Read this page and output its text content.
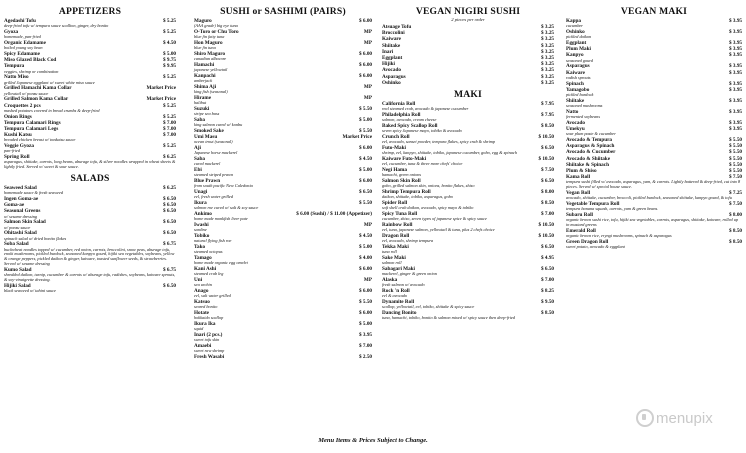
APPETIZERS
Agedashi Tofu	$ 5.25
deep-fried tofu w/ tempura sauce scallion, ginger, dry bonito
Gyoza	$ 5.25
homemade, pan-fried
Organic Edamame	$ 4.50
boiled young soy bean
Spicy Edamame	$ 5.00
Miso Glazed Black Cod	$ 9.75
Tempura	$ 9.95
veggies, shrimp or combination
Natto Miso	$ 5.25
grilled Japanese eggplant w/ sweet white miso sauce
Grilled Hamachi Kama Collar	Market Price
yellowtail w/ ponzu sauce
Grilled Salmon Kama Collar	Market Price
Croquettes 2 pcs	$ 5.25
mashed potatoes covered in bread crumbs & deep-fried
Onion Rings	$ 5.25
Tempura Calamari Rings	$ 7.00
Tempura Calamari Legs	$ 7.00
Kushi Katsu	$ 7.00
breaded chicken breast w/ tonkatsu sauce
Veggie Gyoza	$ 5.25
pan-fried
Spring Roll	$ 6.25
asparagus, shiitake, carrots, long beans, aburage tofu, & silver noodles wrapped in wheat sheets & lightly fried. Served w/ sweet & sour sauce.
SALADS
Seaweed Salad	$ 6.25
homemade sauce & fresh seaweed
Ingen Goma-ae	$ 6.50
Goma-ae	$ 6.50
Seasonal Greens	$ 6.50
w/ sesame dressing
Salmon Skin Salad	$ 6.50
w/ ponzu sauce
Ohitashi Salad	$ 6.50
spinach salad w/ dried bonito flakes
Soba Salad	$ 6.75
buckwheat noodles topped w/ cucumber, red onion, carrots, broccolini, snow peas, aburage tofu, enoki mushrooms, pickled burdock, seasoned kanpyo gourd, hijiki sea vegetables, soybeans, yellow & orange peppers, pickled daikon & ginger, kaiware, toasted sunflower seeds, & strawberries. Served w/ sesame dressing
Kumo Salad	$ 6.75
shredded daikon, turnip, cucumber & carrots w/ aburage tofu, radishes, soybeans, kaiware sprouts, & soy-vinaigrette dressing.
Hijiki Salad	$ 6.50
black seaweed w/ tahini sauce
SUSHI or SASHIMI (PAIRS)
Maguro	$ 6.00
(AAA grade) big eye tuna
O-Toro or Chu Toro	MP
blue fin fatty tuna
Hon Maguro	MP
blue fin tuna
Shiro Maguro	$ 6.00
canadian albacore
Hamachi	$ 6.00
japanese yellowtail
Kanpachi	$ 6.00
amberjack
Shima Aji	MP
king fish (seasonal)
Hirame	MP
halibut
Suzuki	$ 5.50
stripe sea bass
Saba	$ 5.00
king salmon cured w/ konbu
Smoked Sake	$ 5.50
Umi Masu	Market Price
ocean trout (seasonal)
Aji	$ 6.00
Japanese horse mackerel
Saba	$ 4.50
cured mackerel
Ebi	$ 5.00
steamed striped prawn
Blue Prawn	$ 6.00
from south pacific New Caledonia
Unagi	$ 6.50
eel, fresh water grilled
Ikura	$ 5.50
salmon roe cured w/ salt & soy sauce
Ankimo	$ 6.00 (Sushi) / $ 11.00 (Appetizer)
home made monkfish liver pate
Iwashi	MP
sardine
Tobiko	$ 4.50
natural flying fish roe
Tako	$ 5.00
steamed octopus
Tamago	$ 4.00
home made organic egg omelet
Kani Ashi	$ 6.00
steamed crab leg
Uni	MP
sea urchin
Anago	$ 6.00
eel, salt water grilled
Katsuo	$ 5.50
seared bonito
Hotate	$ 6.00
hokkaido scallop
Ikura Ika	$ 5.00
squid
Inari (2 pcs.)	$ 3.95
sweet tofu skin
Amaebi	$ 7.00
sweet raw shrimp
Fresh Wasabi	$ 2.50
VEGAN NIGIRI SUSHI
2 pieces per order
Atsuage Tofu	$ 3.25
Broccolini	$ 3.25
Kaiware	$ 3.25
Shiitake	$ 3.25
Inari	$ 3.25
Eggplant	$ 3.25
Hijiki	$ 3.25
Avocado	$ 3.25
Asparagus	$ 3.25
Oshinko	$ 3.25
MAKI
California Roll	$ 7.95
real steamed crab, avocado & japanese cucumber
Philadelphia Roll	$ 7.95
salmon, avocado, cream cheese
Baked Spicy Scallop Roll	$ 8.50
seven spicy Japanese mayo, tobiko & avocado
Crunch Roll	$ 10.50
eel, avocado, sansei powder, tempura flakes, spicy crab & shrimp
Futo-Maki	$ 6.50
shrimp, eel, kanpyo, shiitake, tobiko, japanese cucumber, gobo, egg & spinach
Kaiware Futo-Maki	$ 10.50
eel, cucumber, tuna & three more chefs' choice
Negi Hama	$ 7.50
hamachi, green onions
Salmon Skin Roll	$ 6.50
gobo, grilled salmon skin, onions, bonito flakes, shiso
Shrimp Tempura Roll	$ 8.00
daikon, shiitake, tobiko, asparagus, gobo
Spider Roll	$ 8.50
soft shell crab daikon, avocado, spicy mayo & tobiko
Spicy Tuna Roll	$ 7.00
cucumber, shiso, seven types of japanese spice & spicy sauce
Rainbow Roll	$ 10.50
eel, tuna, japanese salmon, yellowtail & tuna, plus 2 chefs choice
Dragon Roll	$ 10.50
eel, avocado, shrimp tempura
Tekka Maki	$ 6.50
tuna roll
Sake Maki	$ 4.95
salmon roll
Sabagari Maki	$ 6.50
mackerel, ginger & green onion
Alaska	$ 7.00
fresh salmon w/ avocado
Rock 'n Roll	$ 8.25
eel & avocado
Dynamite Roll	$ 9.50
scallop, yellowtail, eel, tobiko, shiitake & spicy sauce
Dancing Bonito	$ 8.50
tuna, hamachi, tobiko, bonito & salmon mixed w/ spicy sauce then deep-fried
VEGAN MAKI
Kappa	$ 3.95
cucumber
Oshinko	$ 3.95
pickled daikon
Eggplant	$ 3.95
Plum Maki	$ 3.95
Kanpyo	$ 3.95
seasoned gourd
Asparagus	$ 3.95
Kaiware	$ 3.95
radish sprouts
Spinach	$ 3.95
Yamagobo	$ 3.95
pickled burdock
Shiitake	$ 3.95
seasoned mushrooms
Natto	$ 3.95
fermented soybeans
Avocado	$ 3.95
Umekyu	$ 3.95
sour plum paste & cucumber
Avocado & Tempura	$ 5.50
Asparagus & Spinach	$ 5.50
Avocado & Cucumber	$ 5.50
Avocado & Shiitake	$ 5.50
Shiitake & Spinach	$ 5.50
Plum & Shiso	$ 5.50
Kama Roll	$ 7.50
tempura sushi filled w/ avocado, asparagus, yam, & carrots. Lightly battered & deep-fried, cut into 8 pieces. Served w/ special house sauce.
Vegan Roll	$ 7.25
avocado, shiitake, cucumber, broccoli, pickled burdock, seasoned shiitake, kanpyo gourd, & tofu
Vegetable Tempura Roll	$ 7.50
tempura banana squash, carrots, yam & green beans.
Subaru Roll	$ 8.00
organic brown sushi rice, tofu, hijiki sea vegetables, carrots, asparagus, shiitake, kaiware, rolled up in mustard greens
Emerald Roll	$ 8.50
organic brown rice, eryngi mushrooms, spinach & asparagus
Green Dragon Roll	$ 8.50
sweet potato, avocado & eggplant
Menu Items & Prices Subject to Change.
menupix
